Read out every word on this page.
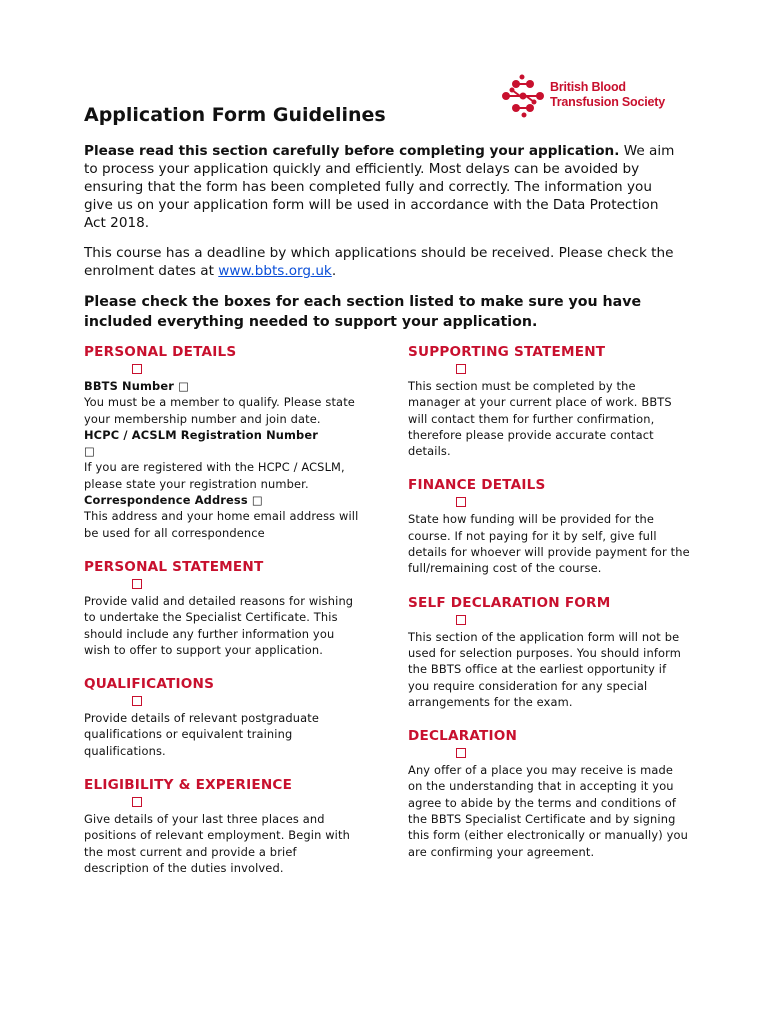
British Blood
Transfusion Society
Application Form Guidelines

Please read this section carefully before completing your application. We aim to process your application quickly and efficiently. Most delays can be avoided by ensuring that the form has been completed fully and correctly. The information you give us on your application form will be used in accordance with the Data Protection Act 2018.

This course has a deadline by which applications should be received. Please check the enrolment dates at www.bbts.org.uk.

Please check the boxes for each section listed to make sure you have included everything needed to support your application.

PERSONAL DETAILS

BBTS Number □

You must be a member to qualify. Please state your membership number and join date.

HCPC / ACSLM Registration Number
□

If you are registered with the HCPC / ACSLM, please state your registration number.

Correspondence Address □

This address and your home email address will be used for all correspondence

PERSONAL STATEMENT

Provide valid and detailed reasons for wishing to undertake the Specialist Certificate. This should include any further information you wish to offer to support your application.

QUALIFICATIONS

Provide details of relevant postgraduate qualifications or equivalent training qualifications.

ELIGIBILITY & EXPERIENCE

Give details of your last three places and positions of relevant employment. Begin with the most current and provide a brief description of the duties involved.

SUPPORTING STATEMENT

This section must be completed by the manager at your current place of work. BBTS will contact them for further confirmation, therefore please provide accurate contact details.

FINANCE DETAILS

State how funding will be provided for the course. If not paying for it by self, give full details for whoever will provide payment for the full/remaining cost of the course.

SELF DECLARATION FORM

This section of the application form will not be used for selection purposes. You should inform the BBTS office at the earliest opportunity if you require consideration for any special arrangements for the exam.

DECLARATION

Any offer of a place you may receive is made on the understanding that in accepting it you agree to abide by the terms and conditions of the BBTS Specialist Certificate and by signing this form (either electronically or manually) you are confirming your agreement.
